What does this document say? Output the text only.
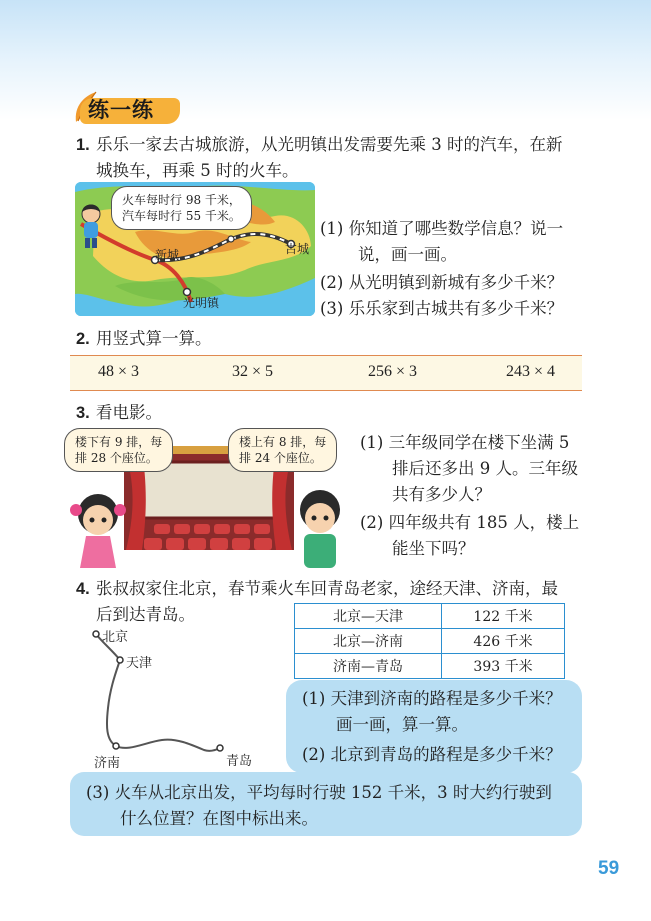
练一练
1. 乐乐一家去古城旅游，从光明镇出发需要先乘 3 时的汽车，在新
城换车，再乘 5 时的火车。
火车每时行 98 千米，
汽车每时行 55 千米。
新城	古城
光明镇
(1) 你知道了哪些数学信息？说一
说，画一画。
(2) 从光明镇到新城有多少千米？
(3) 乐乐家到古城共有多少千米？
2. 用竖式算一算。
48 × 3	32 × 5	256 × 3	243 × 4
3. 看电影。
楼下有 9 排，每
排 28 个座位。
楼上有 8 排，每
排 24 个座位。
(1) 三年级同学在楼下坐满 5
排后还多出 9 人。三年级
共有多少人？
(2) 四年级共有 185 人，楼上
能坐下吗？
4. 张叔叔家住北京，春节乘火车回青岛老家，途经天津、济南，最
后到达青岛。
北京
天津
济南	青岛
北京—天津	122 千米
北京—济南	426 千米
济南—青岛	393 千米
(1) 天津到济南的路程是多少千米？
画一画，算一算。
(2) 北京到青岛的路程是多少千米？
(3) 火车从北京出发，平均每时行驶 152 千米，3 时大约行驶到
什么位置？在图中标出来。
59
